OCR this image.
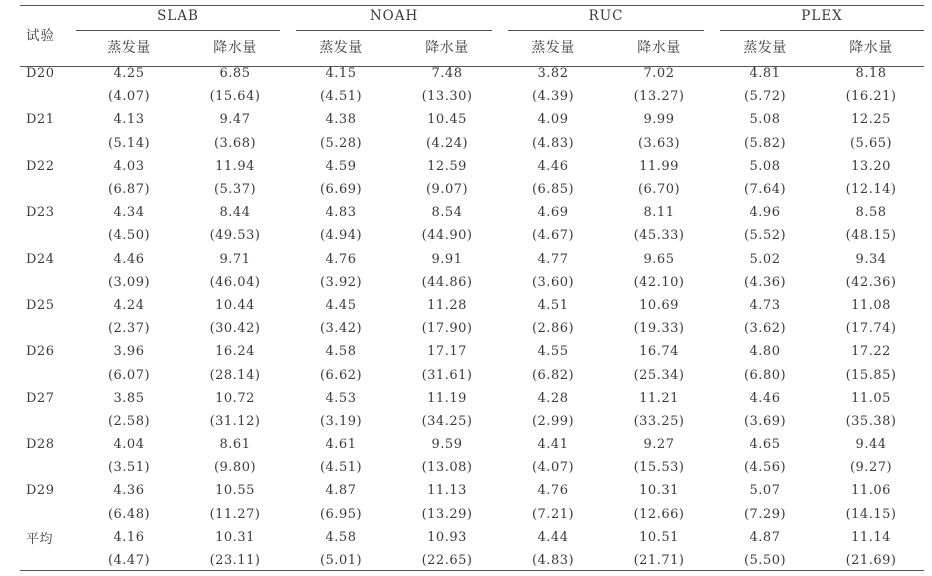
试验	SLAB		NOAH		RUC		PLEX	

	蒸发量	降水量	蒸发量	降水量	蒸发量	降水量	蒸发量	降水量
D20	4.25	6.85	4.15	7.48	3.82	7.02	4.81	8.18
	(4.07)	(15.64)	(4.51)	(13.30)	(4.39)	(13.27)	(5.72)	(16.21)
D21	4.13	9.47	4.38	10.45	4.09	9.99	5.08	12.25
	(5.14)	(3.68)	(5.28)	(4.24)	(4.83)	(3.63)	(5.82)	(5.65)
D22	4.03	11.94	4.59	12.59	4.46	11.99	5.08	13.20
	(6.87)	(5.37)	(6.69)	(9.07)	(6.85)	(6.70)	(7.64)	(12.14)
D23	4.34	8.44	4.83	8.54	4.69	8.11	4.96	8.58
	(4.50)	(49.53)	(4.94)	(44.90)	(4.67)	(45.33)	(5.52)	(48.15)
D24	4.46	9.71	4.76	9.91	4.77	9.65	5.02	9.34
	(3.09)	(46.04)	(3.92)	(44.86)	(3.60)	(42.10)	(4.36)	(42.36)
D25	4.24	10.44	4.45	11.28	4.51	10.69	4.73	11.08
	(2.37)	(30.42)	(3.42)	(17.90)	(2.86)	(19.33)	(3.62)	(17.74)
D26	3.96	16.24	4.58	17.17	4.55	16.74	4.80	17.22
	(6.07)	(28.14)	(6.62)	(31.61)	(6.82)	(25.34)	(6.80)	(15.85)
D27	3.85	10.72	4.53	11.19	4.28	11.21	4.46	11.05
	(2.58)	(31.12)	(3.19)	(34.25)	(2.99)	(33.25)	(3.69)	(35.38)
D28	4.04	8.61	4.61	9.59	4.41	9.27	4.65	9.44
	(3.51)	(9.80)	(4.51)	(13.08)	(4.07)	(15.53)	(4.56)	(9.27)
D29	4.36	10.55	4.87	11.13	4.76	10.31	5.07	11.06
	(6.48)	(11.27)	(6.95)	(13.29)	(7.21)	(12.66)	(7.29)	(14.15)
平均	4.16	10.31	4.58	10.93	4.44	10.51	4.87	11.14
	(4.47)	(23.11)	(5.01)	(22.65)	(4.83)	(21.71)	(5.50)	(21.69)
